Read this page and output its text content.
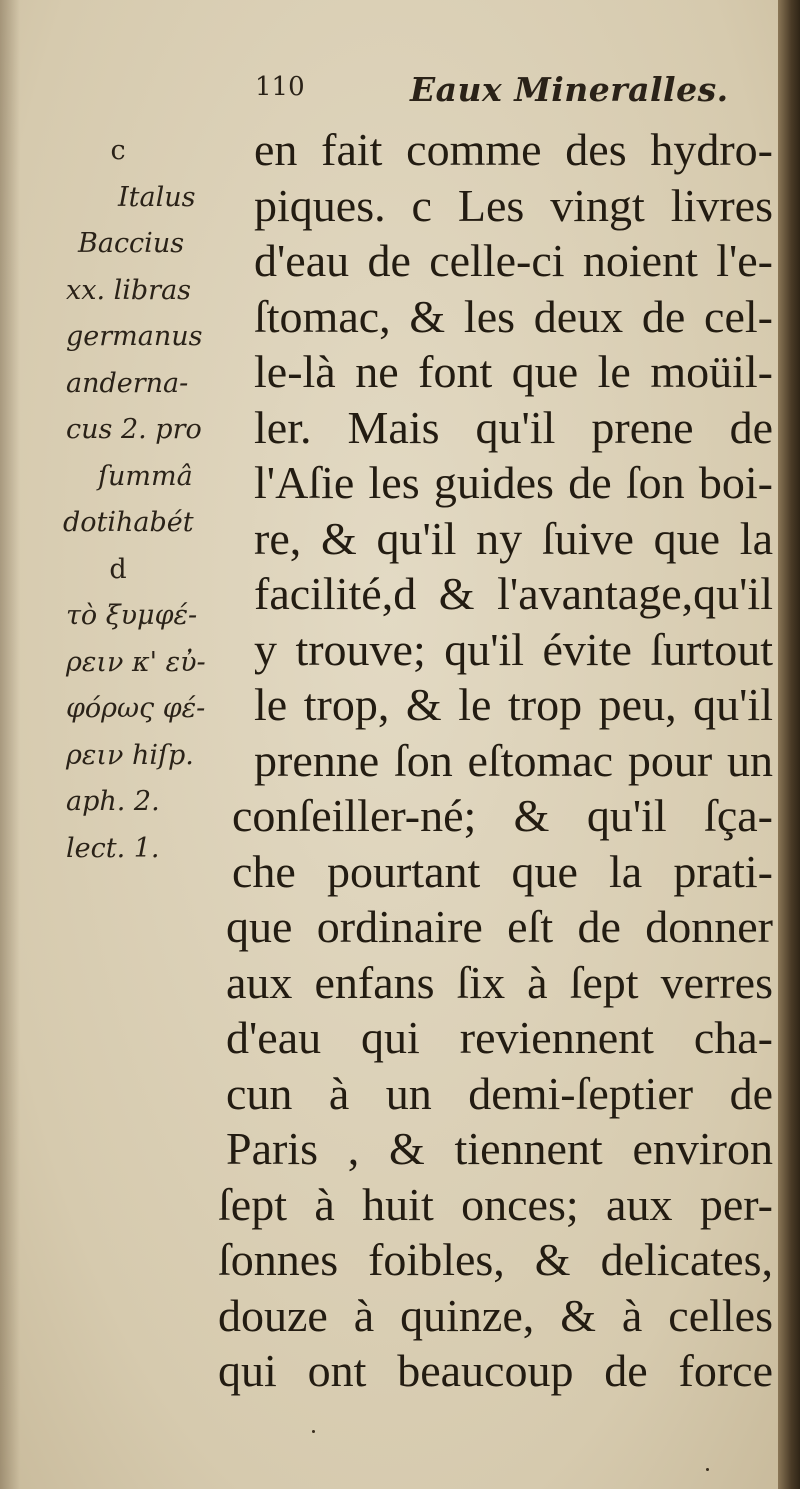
110	Eaux Mineralles.
c
Italus
Baccius
xx. libras
germanus
anderna-
cus 2. pro
ſummâ
dotihabét
d
τὸ ξυμφέ-
ρειν κ' εὐ-
φόρως φέ-
ρειν hiſp.
aph. 2.
lect. 1.
en fait comme des hydro-
piques. c Les vingt livres
d'eau de celle-ci noient l'e-
ſtomac, & les deux de cel-
le-là ne font que le moüil-
ler. Mais qu'il prene de
l'Aſie les guides de ſon boi-
re, & qu'il ny ſuive que la
facilité,d & l'avantage,qu'il
y trouve; qu'il évite ſurtout
le trop, & le trop peu, qu'il
prenne ſon eſtomac pour un
conſeiller-né; & qu'il ſça-
che pourtant que la prati-
que ordinaire eſt de donner
aux enfans ſix à ſept verres
d'eau qui reviennent cha-
cun à un demi-ſeptier de
Paris , & tiennent environ
ſept à huit onces; aux per-
ſonnes foibles, & delicates,
douze à quinze, & à celles
qui ont beaucoup de force
